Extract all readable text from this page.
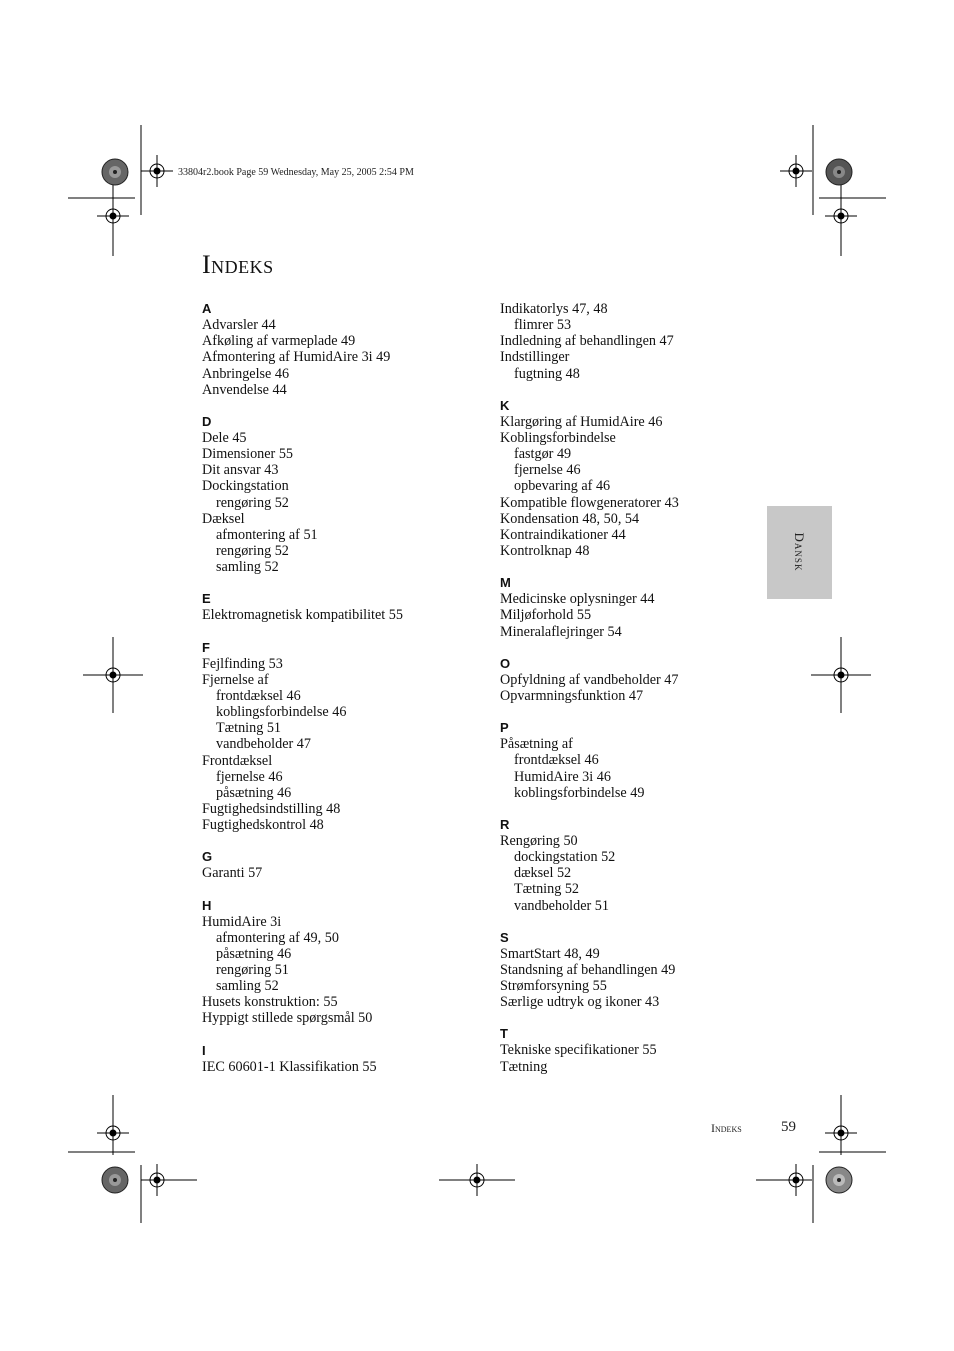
33804r2.book Page 59 Wednesday, May 25, 2005 2:54 PM
Indeks
A
Advarsler 44
Afkøling af varmeplade 49
Afmontering af HumidAire 3i 49
Anbringelse 46
Anvendelse 44
D
Dele 45
Dimensioner 55
Dit ansvar 43
Dockingstation
rengøring 52
Dæksel
afmontering af 51
rengøring 52
samling 52
E
Elektromagnetisk kompatibilitet 55
F
Fejlfinding 53
Fjernelse af
frontdæksel 46
koblingsforbindelse 46
Tætning 51
vandbeholder 47
Frontdæksel
fjernelse 46
påsætning 46
Fugtighedsindstilling 48
Fugtighedskontrol 48
G
Garanti 57
H
HumidAire 3i
afmontering af 49, 50
påsætning 46
rengøring 51
samling 52
Husets konstruktion: 55
Hyppigt stillede spørgsmål 50
I
IEC 60601-1 Klassifikation 55
Indikatorlys 47, 48
flimrer 53
Indledning af behandlingen 47
Indstillinger
fugtning 48
K
Klargøring af HumidAire 46
Koblingsforbindelse
fastgør 49
fjernelse 46
opbevaring af 46
Kompatible flowgeneratorer 43
Kondensation 48, 50, 54
Kontraindikationer 44
Kontrolknap 48
M
Medicinske oplysninger 44
Miljøforhold 55
Mineralaflejringer 54
O
Opfyldning af vandbeholder 47
Opvarmningsfunktion 47
P
Påsætning af
frontdæksel 46
HumidAire 3i 46
koblingsforbindelse 49
R
Rengøring 50
dockingstation 52
dæksel 52
Tætning 52
vandbeholder 51
S
SmartStart 48, 49
Standsning af behandlingen 49
Strømforsyning 55
Særlige udtryk og ikoner 43
T
Tekniske specifikationer 55
Tætning
Dansk
Indeks	59
